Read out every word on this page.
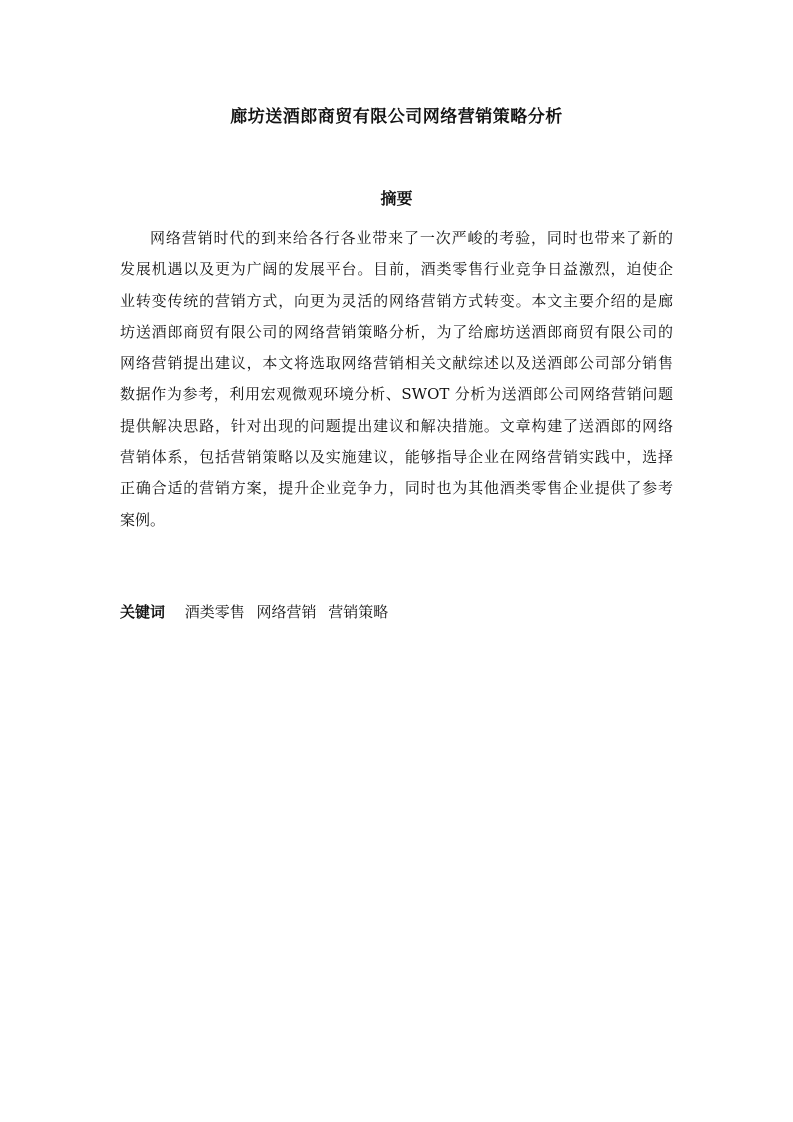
廊坊送酒郎商贸有限公司网络营销策略分析
摘要
网络营销时代的到来给各行各业带来了一次严峻的考验，同时也带来了新的
发展机遇以及更为广阔的发展平台。目前，酒类零售行业竞争日益激烈，迫使企
业转变传统的营销方式，向更为灵活的网络营销方式转变。本文主要介绍的是廊
坊送酒郎商贸有限公司的网络营销策略分析，为了给廊坊送酒郎商贸有限公司的
网络营销提出建议，本文将选取网络营销相关文献综述以及送酒郎公司部分销售
数据作为参考，利用宏观微观环境分析、SWOT 分析为送酒郎公司网络营销问题
提供解决思路，针对出现的问题提出建议和解决措施。文章构建了送酒郎的网络
营销体系，包括营销策略以及实施建议，能够指导企业在网络营销实践中，选择
正确合适的营销方案，提升企业竞争力，同时也为其他酒类零售企业提供了参考
案例。
关键词 酒类零售 网络营销 营销策略
